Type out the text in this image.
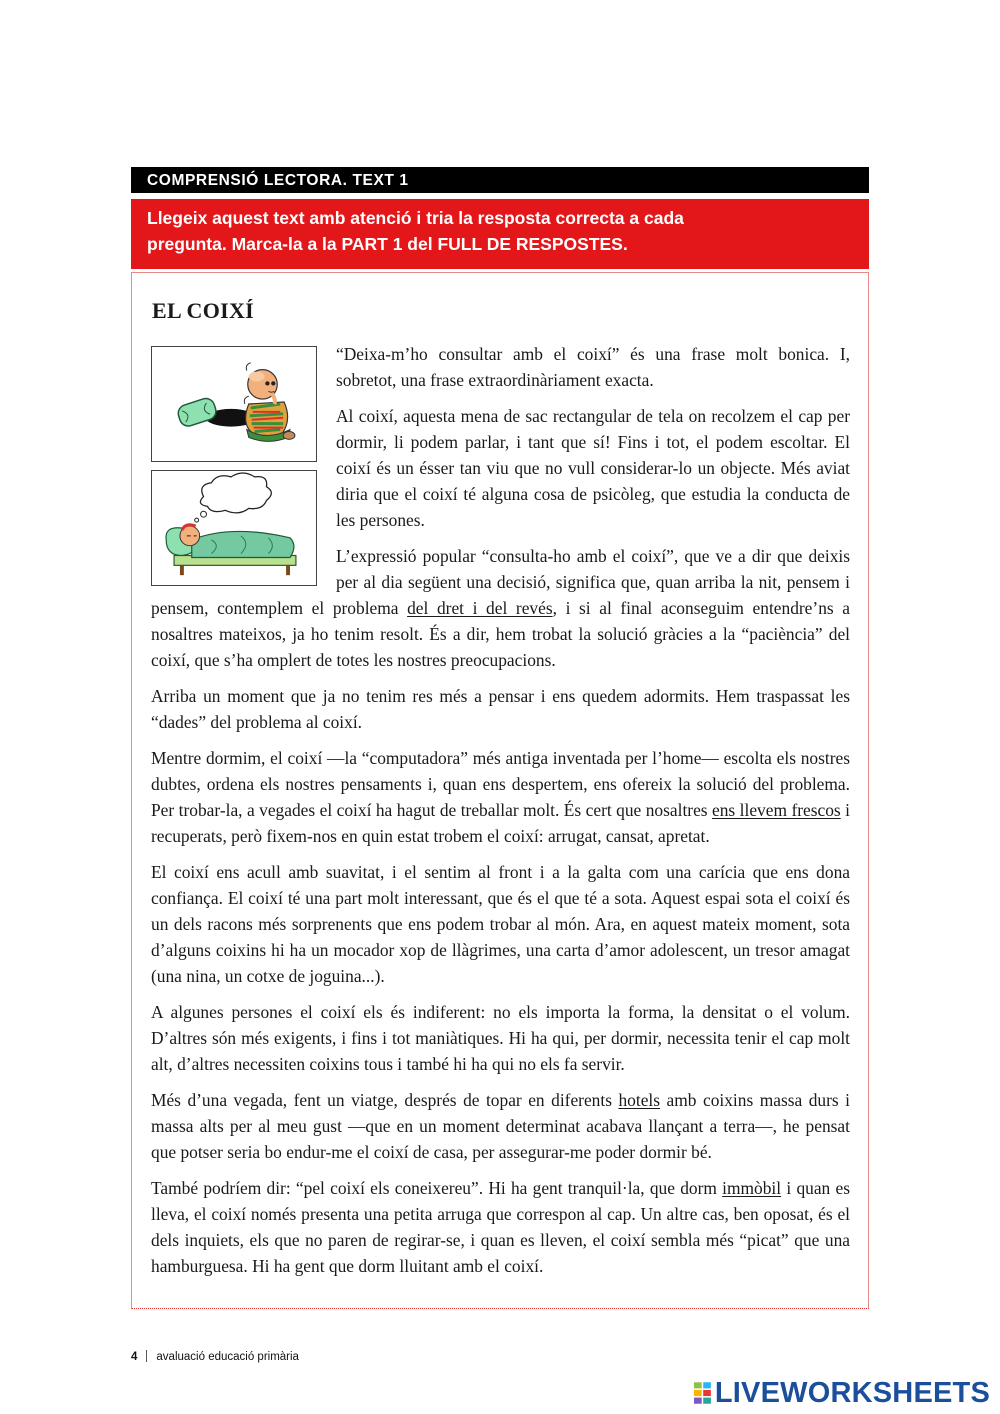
COMPRENSIÓ LECTORA. TEXT 1
Llegeix aquest text amb atenció i tria la resposta correcta a cada
pregunta. Marca-la a la PART 1 del FULL DE RESPOSTES.
EL COIXÍ

“Deixa-m’ho consultar amb el coixí” és una frase molt bonica. I, sobretot, una frase extraordinàriament exacta.

Al coixí, aquesta mena de sac rectangular de tela on recolzem el cap per dormir, li podem parlar, i tant que sí! Fins i tot, el podem escoltar. El coixí és un ésser tan viu que no vull considerar-lo un objecte. Més aviat diria que el coixí té alguna cosa de psicòleg, que estudia la conducta de les persones.

L’expressió popular “consulta-ho amb el coixí”, que ve a dir que deixis per al dia següent una decisió, significa que, quan arriba la nit, pensem i pensem, contemplem el problema del dret i del revés, i si al final aconseguim entendre’ns a nosaltres mateixos, ja ho tenim resolt. És a dir, hem trobat la solució gràcies a la “paciència” del coixí, que s’ha omplert de totes les nostres preocupacions.

Arriba un moment que ja no tenim res més a pensar i ens quedem adormits. Hem traspassat les “dades” del problema al coixí.

Mentre dormim, el coixí —la “computadora” més antiga inventada per l’home— escolta els nostres dubtes, ordena els nostres pensaments i, quan ens despertem, ens ofereix la solució del problema. Per trobar-la, a vegades el coixí ha hagut de treballar molt. És cert que nosaltres ens llevem frescos i recuperats, però fixem-nos en quin estat trobem el coixí: arrugat, cansat, apretat.

El coixí ens acull amb suavitat, i el sentim al front i a la galta com una carícia que ens dona confiança. El coixí té una part molt interessant, que és el que té a sota. Aquest espai sota el coixí és un dels racons més sorprenents que ens podem trobar al món. Ara, en aquest mateix moment, sota d’alguns coixins hi ha un mocador xop de llàgrimes, una carta d’amor adolescent, un tresor amagat (una nina, un cotxe de joguina...).

A algunes persones el coixí els és indiferent: no els importa la forma, la densitat o el volum. D’altres són més exigents, i fins i tot maniàtiques. Hi ha qui, per dormir, necessita tenir el cap molt alt, d’altres necessiten coixins tous i també hi ha qui no els fa servir.

Més d’una vegada, fent un viatge, després de topar en diferents hotels amb coixins massa durs i massa alts per al meu gust —que en un moment determinat acabava llançant a terra—, he pensat que potser seria bo endur-me el coixí de casa, per assegurar-me poder dormir bé.

També podríem dir: “pel coixí els coneixereu”. Hi ha gent tranquil·la, que dorm immòbil i quan es lleva, el coixí només presenta una petita arruga que correspon al cap. Un altre cas, ben oposat, és el dels inquiets, els que no paren de regirar-se, i quan es lleven, el coixí sembla més “picat” que una hamburguesa. Hi ha gent que dorm lluitant amb el coixí.

4 avaluació educació primària
LIVEWORKSHEETS
